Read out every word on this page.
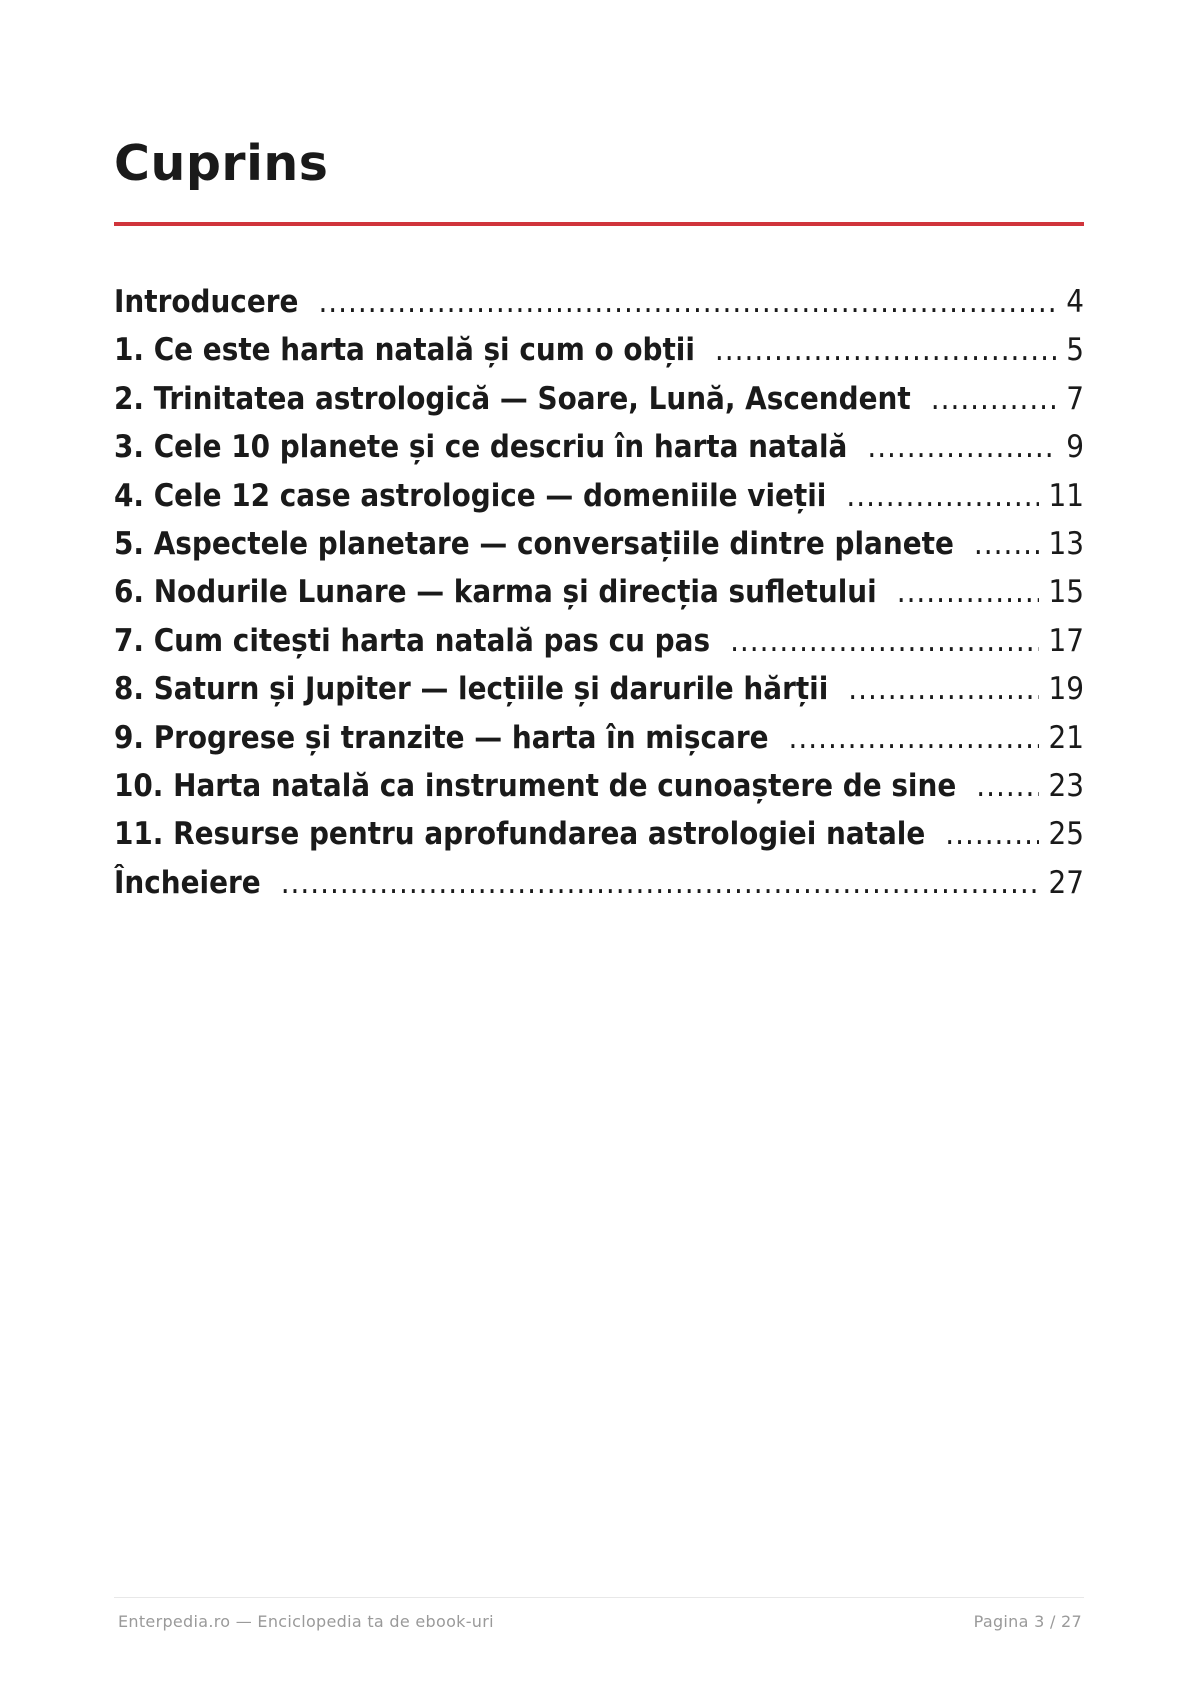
Cuprins
Introducere .....	4
1. Ce este harta natală și cum o obții .....	5
2. Trinitatea astrologică — Soare, Lună, Ascendent .....	7
3. Cele 10 planete și ce descriu în harta natală .....	9
4. Cele 12 case astrologice — domeniile vieții .....	11
5. Aspectele planetare — conversațiile dintre planete .....	13
6. Nodurile Lunare — karma și direcția sufletului .....	15
7. Cum citești harta natală pas cu pas .....	17
8. Saturn și Jupiter — lecțiile și darurile hărții .....	19
9. Progrese și tranzite — harta în mișcare .....	21
10. Harta natală ca instrument de cunoaștere de sine .....	23
11. Resurse pentru aprofundarea astrologiei natale .....	25
Încheiere .....	27
Enterpedia.ro — Enciclopedia ta de ebook-uri	Pagina 3 / 27
